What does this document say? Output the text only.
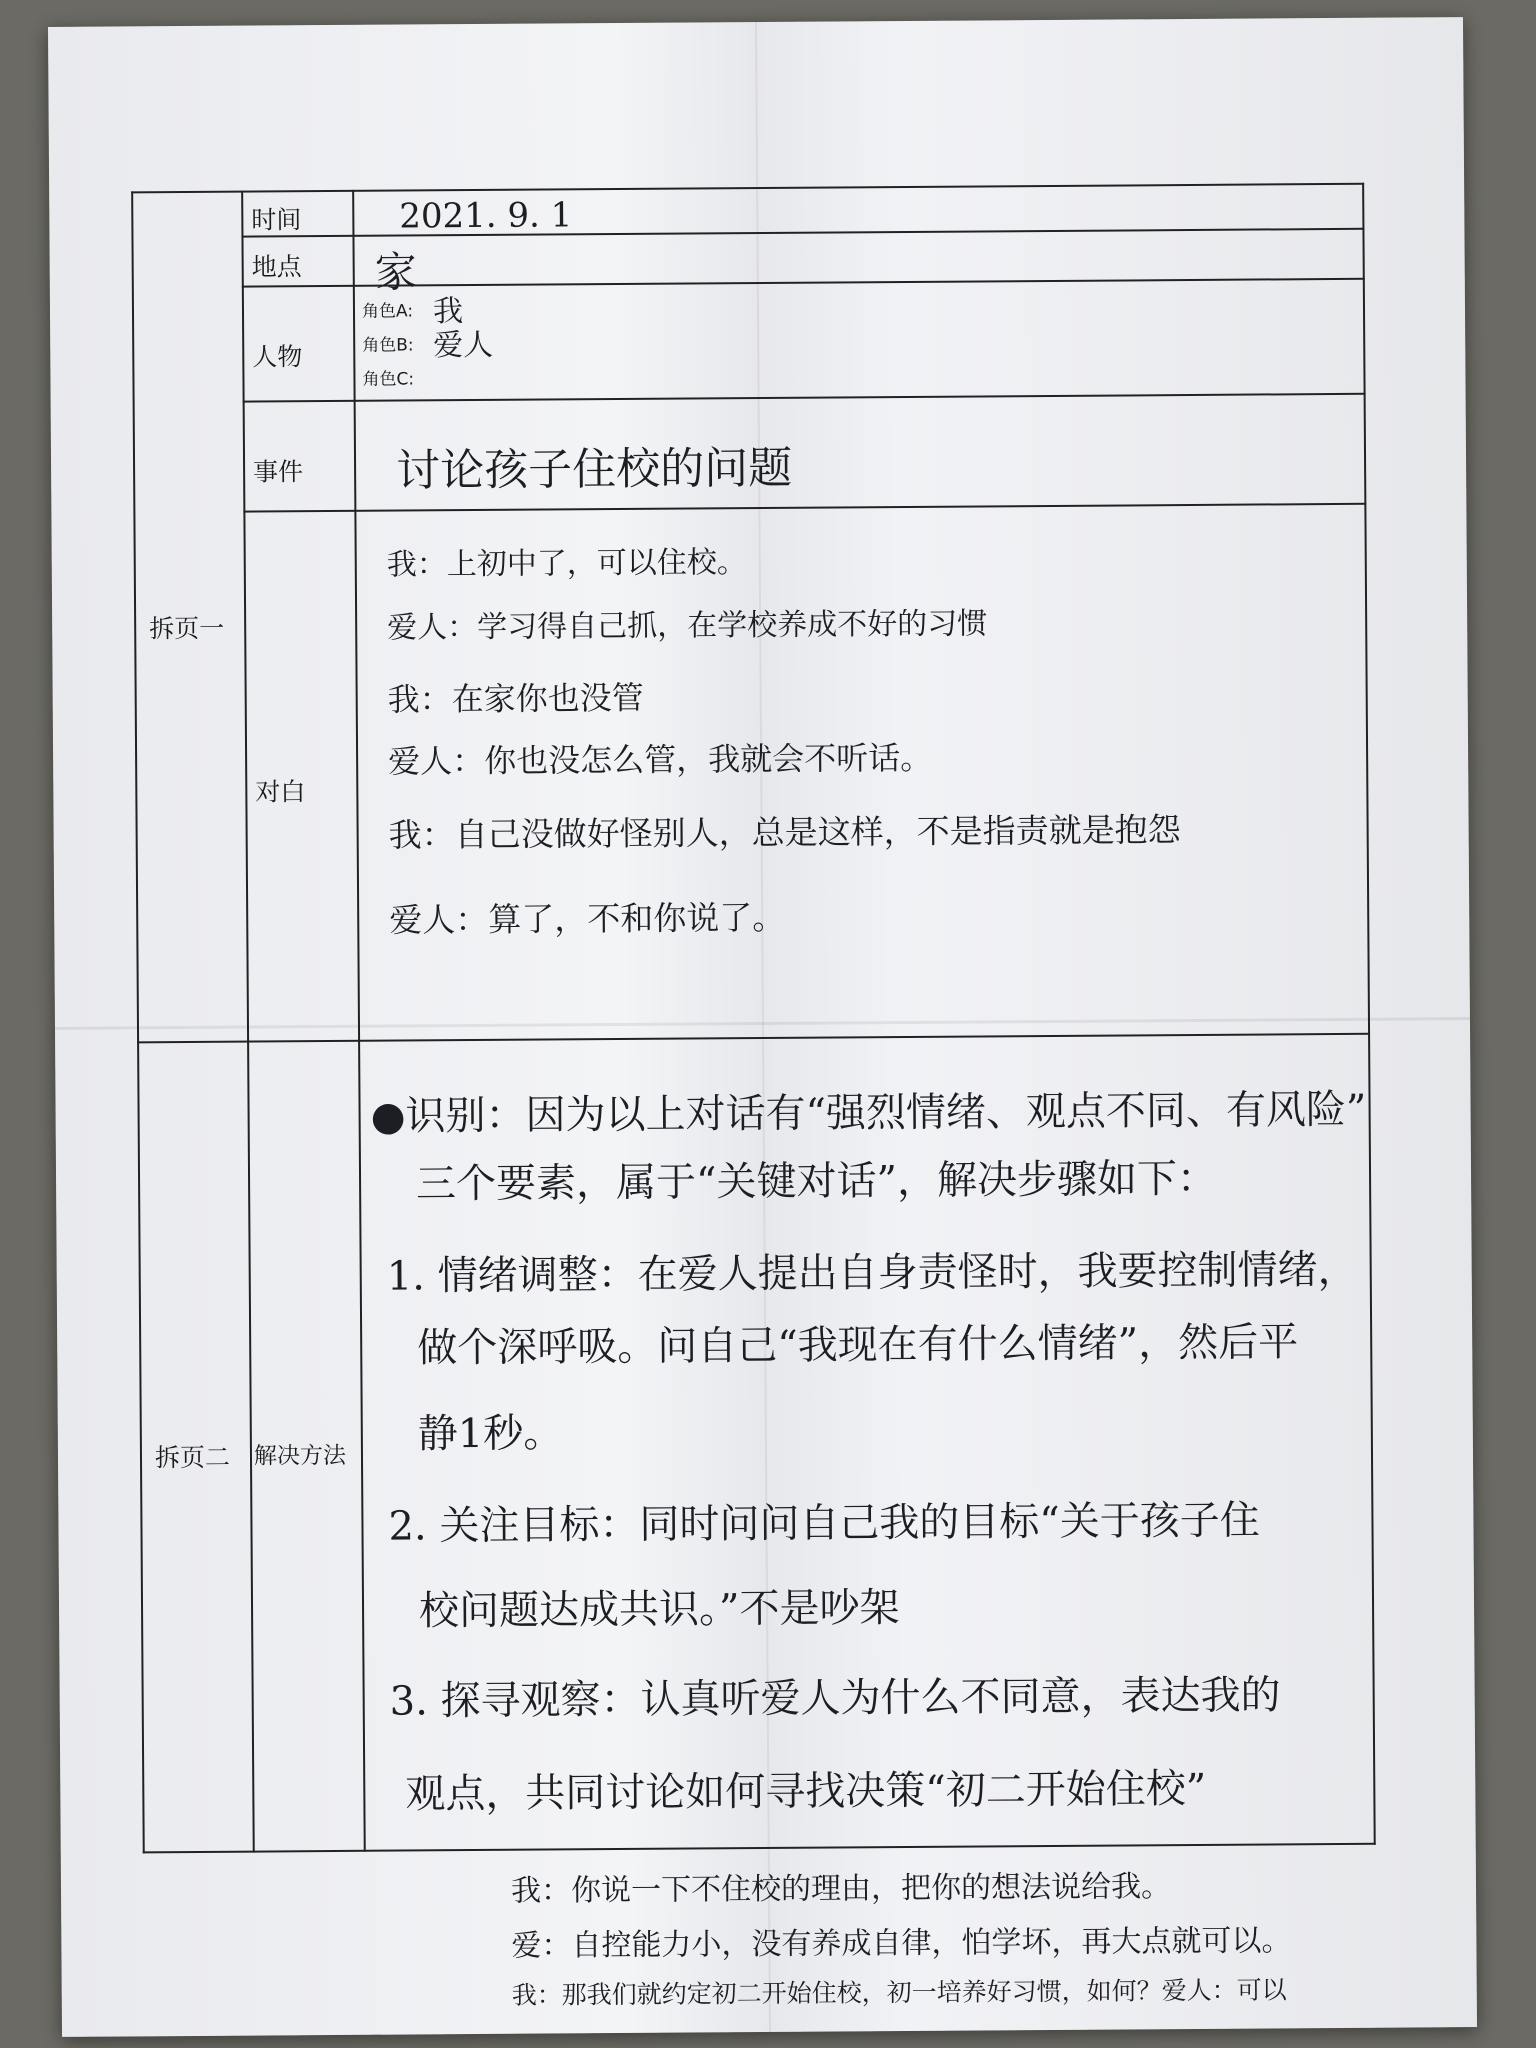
拆页一
拆页二
时间
地点
人物
角色A:
角色B:
角色C:
事件
对白
解决方法
2021. 9. 1
家
我
爱人
讨论孩子住校的问题
我：上初中了，可以住校。
爱人：学习得自己抓，在学校养成不好的习惯
我：在家你也没管
爱人：你也没怎么管，我就会不听话。
我：自己没做好怪别人，总是这样，不是指责就是抱怨
爱人：算了，不和你说了。
●识别：因为以上对话有“强烈情绪、观点不同、有风险”
三个要素，属于“关键对话”，解决步骤如下：
1. 情绪调整：在爱人提出自身责怪时，我要控制情绪，
做个深呼吸。问自己“我现在有什么情绪”，然后平
静1秒。
2. 关注目标：同时问问自己我的目标“关于孩子住
校问题达成共识。”不是吵架
3. 探寻观察：认真听爱人为什么不同意，表达我的
观点，共同讨论如何寻找决策“初二开始住校”
我：你说一下不住校的理由，把你的想法说给我。
爱：自控能力小，没有养成自律，怕学坏，再大点就可以。
我：那我们就约定初二开始住校，初一培养好习惯，如何？爱人：可以
